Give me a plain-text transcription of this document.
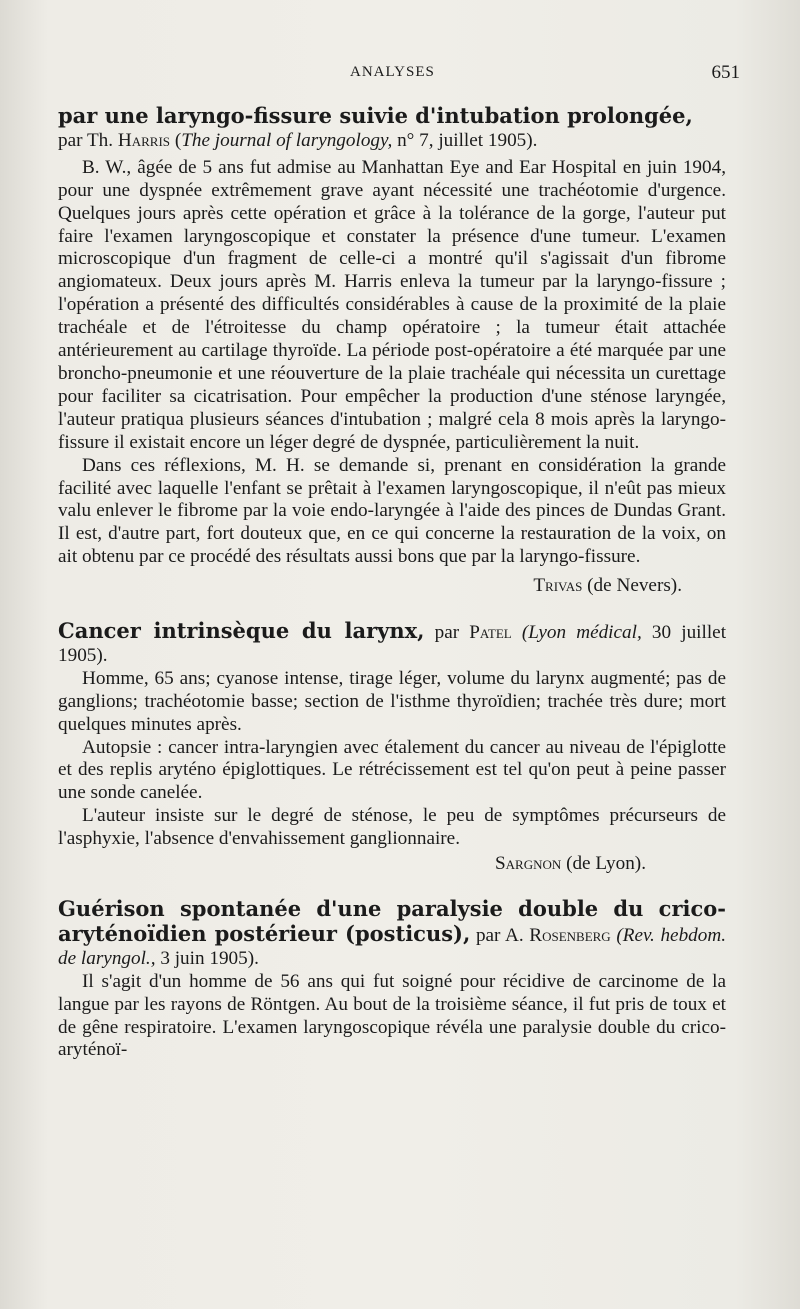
ANALYSES	651

par une laryngo-fissure suivie d'intubation prolongée,

par Th. Harris (The journal of laryngology, n° 7, juillet 1905).

B. W., âgée de 5 ans fut admise au Manhattan Eye and Ear Hospital en juin 1904, pour une dyspnée extrêmement grave ayant nécessité une trachéotomie d'urgence. Quelques jours après cette opération et grâce à la tolérance de la gorge, l'auteur put faire l'examen laryngoscopique et constater la présence d'une tumeur. L'examen microscopique d'un fragment de celle-ci a montré qu'il s'agissait d'un fibrome angiomateux. Deux jours après M. Harris enleva la tumeur par la laryngo-fissure ; l'opération a présenté des difficultés considérables à cause de la proximité de la plaie trachéale et de l'étroitesse du champ opératoire ; la tumeur était attachée antérieurement au cartilage thyroïde. La période post-opératoire a été marquée par une broncho-pneumonie et une réouverture de la plaie trachéale qui nécessita un curettage pour faciliter sa cicatrisation. Pour empêcher la production d'une sténose laryngée, l'auteur pratiqua plusieurs séances d'intubation ; malgré cela 8 mois après la laryngo-fissure il existait encore un léger degré de dyspnée, particulièrement la nuit.

Dans ces réflexions, M. H. se demande si, prenant en considération la grande facilité avec laquelle l'enfant se prêtait à l'examen laryngoscopique, il n'eût pas mieux valu enlever le fibrome par la voie endo-laryngée à l'aide des pinces de Dundas Grant. Il est, d'autre part, fort douteux que, en ce qui concerne la restauration de la voix, on ait obtenu par ce procédé des résultats aussi bons que par la laryngo-fissure.

Trivas (de Nevers).

Cancer intrinsèque du larynx, par Patel (Lyon médical, 30 juillet 1905).

Homme, 65 ans; cyanose intense, tirage léger, volume du larynx augmenté; pas de ganglions; trachéotomie basse; section de l'isthme thyroïdien; trachée très dure; mort quelques minutes après.

Autopsie : cancer intra-laryngien avec étalement du cancer au niveau de l'épiglotte et des replis aryténo épiglottiques. Le rétrécissement est tel qu'on peut à peine passer une sonde canelée.

L'auteur insiste sur le degré de sténose, le peu de symptômes précurseurs de l'asphyxie, l'absence d'envahissement ganglionnaire.

Sargnon (de Lyon).

Guérison spontanée d'une paralysie double du crico-aryténoïdien postérieur (posticus), par A. Rosenberg (Rev. hebdom. de laryngol., 3 juin 1905).

Il s'agit d'un homme de 56 ans qui fut soigné pour récidive de carcinome de la langue par les rayons de Röntgen. Au bout de la troisième séance, il fut pris de toux et de gêne respiratoire. L'examen laryngoscopique révéla une paralysie double du crico-aryténoï-
